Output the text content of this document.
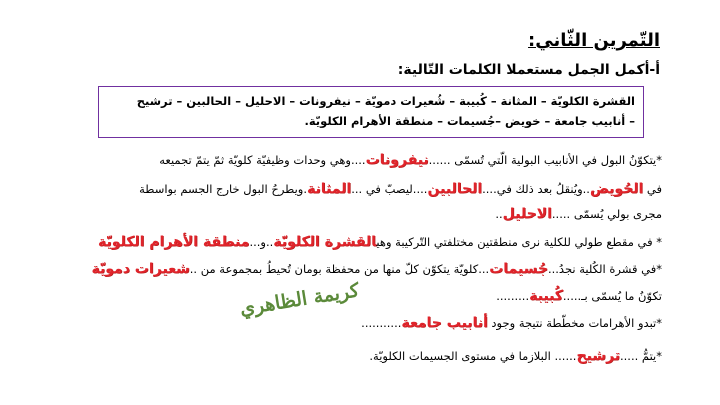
التّمرين الثّاني:
أ-أكمل الجمل مستعملا الكلمات التّالية:
القشرة الكلويّة – المثانة – كُبيبة – شُعيرات دمويّة – نيفرونات – الاحليل – الحالبين – ترشيح
– أنابيب جامعة – خويض –جُسيمات – منطقة الأهرام الكلويّة.
*يتكوّنُ البول في الأنابيب البولية الّتي تُسمّى ......نيفرونات....وهي وحدات وظيفيّة كلويّة ثمّ يتمّ تجميعه
في الحُويض..ويُنقلُ بعد ذلك في....الحالبين....ليصبّ في ...المثانة.ويطرحُ البول خارج الجسم بواسطة
مجرى بولي يُسمّى .....الاحليل..
* في مقطع طولي للكلية نرى منطقتين مختلفتي التّركيبة وهيالقشرة الكلويّة..و...منطقة الأهرام الكلويّة
*في قشرة الكُلية نجدُ...جُسيمات...كلويّة يتكوّن كلّ منها من محفظة بومان تُحيطُ بمجموعة من ..شعيرات دمويّة
تكوّنُ ما يُسمّى بـ.....كُبيبة.........
*تبدو الأهرامات مخطّطة نتيجة وجود أنابيب جامعة...........
*يتمُّ .....ترشيح...... البلازما في مستوى الجسيمات الكلويّة.
كريمة الظاهري
